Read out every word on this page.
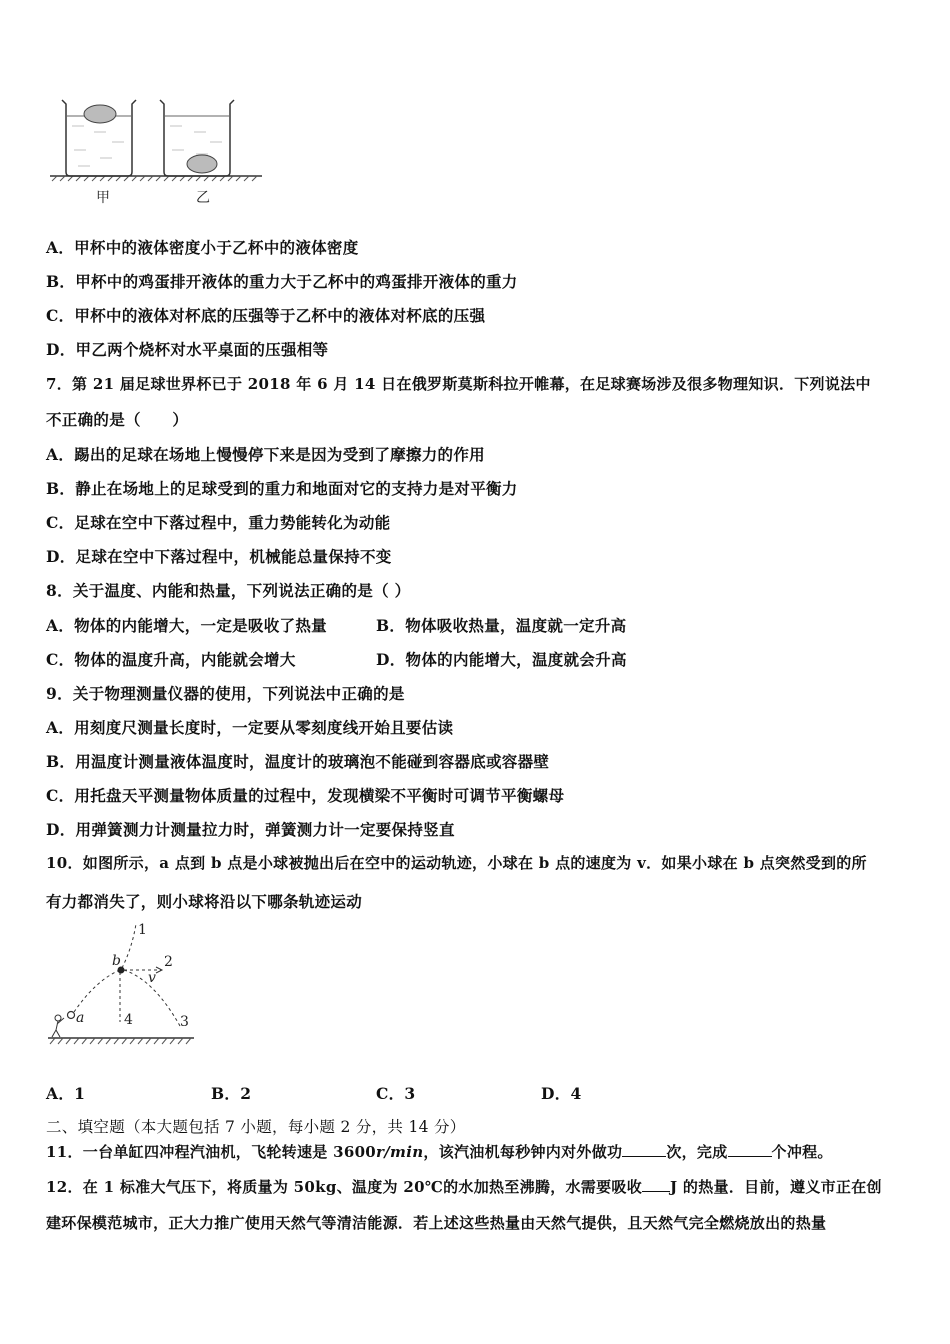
甲	乙
A．甲杯中的液体密度小于乙杯中的液体密度
B．甲杯中的鸡蛋排开液体的重力大于乙杯中的鸡蛋排开液体的重力
C．甲杯中的液体对杯底的压强等于乙杯中的液体对杯底的压强
D．甲乙两个烧杯对水平桌面的压强相等
7．第 21 届足球世界杯已于 2018 年 6 月 14 日在俄罗斯莫斯科拉开帷幕，在足球赛场涉及很多物理知识．下列说法中
不正确的是（　　）
A．踢出的足球在场地上慢慢停下来是因为受到了摩擦力的作用
B．静止在场地上的足球受到的重力和地面对它的支持力是对平衡力
C．足球在空中下落过程中，重力势能转化为动能
D．足球在空中下落过程中，机械能总量保持不变
8．关于温度、内能和热量，下列说法正确的是（ ）
A．物体的内能增大，一定是吸收了热量	B．物体吸收热量，温度就一定升高
C．物体的温度升高，内能就会增大	D．物体的内能增大，温度就会升高
9．关于物理测量仪器的使用，下列说法中正确的是
A．用刻度尺测量长度时，一定要从零刻度线开始且要估读
B．用温度计测量液体温度时，温度计的玻璃泡不能碰到容器底或容器壁
C．用托盘天平测量物体质量的过程中，发现横梁不平衡时可调节平衡螺母
D．用弹簧测力计测量拉力时，弹簧测力计一定要保持竖直
10．如图所示，a 点到 b 点是小球被抛出后在空中的运动轨迹，小球在 b 点的速度为 v．如果小球在 b 点突然受到的所
有力都消失了，则小球将沿以下哪条轨迹运动
b
a
v
1
2
3
4
A．1	B．2	C．3	D．4
二、填空题（本大题包括 7 小题，每小题 2 分，共 14 分）
11．一台单缸四冲程汽油机，飞轮转速是 3600r/min，该汽油机每秒钟内对外做功	次，完成	个冲程。
12．在 1 标准大气压下，将质量为 50kg、温度为 20℃的水加热至沸腾，水需要吸收 J 的热量．目前，遵义市正在创
建环保模范城市，正大力推广使用天然气等清洁能源．若上述这些热量由天然气提供，且天然气完全燃烧放出的热量
